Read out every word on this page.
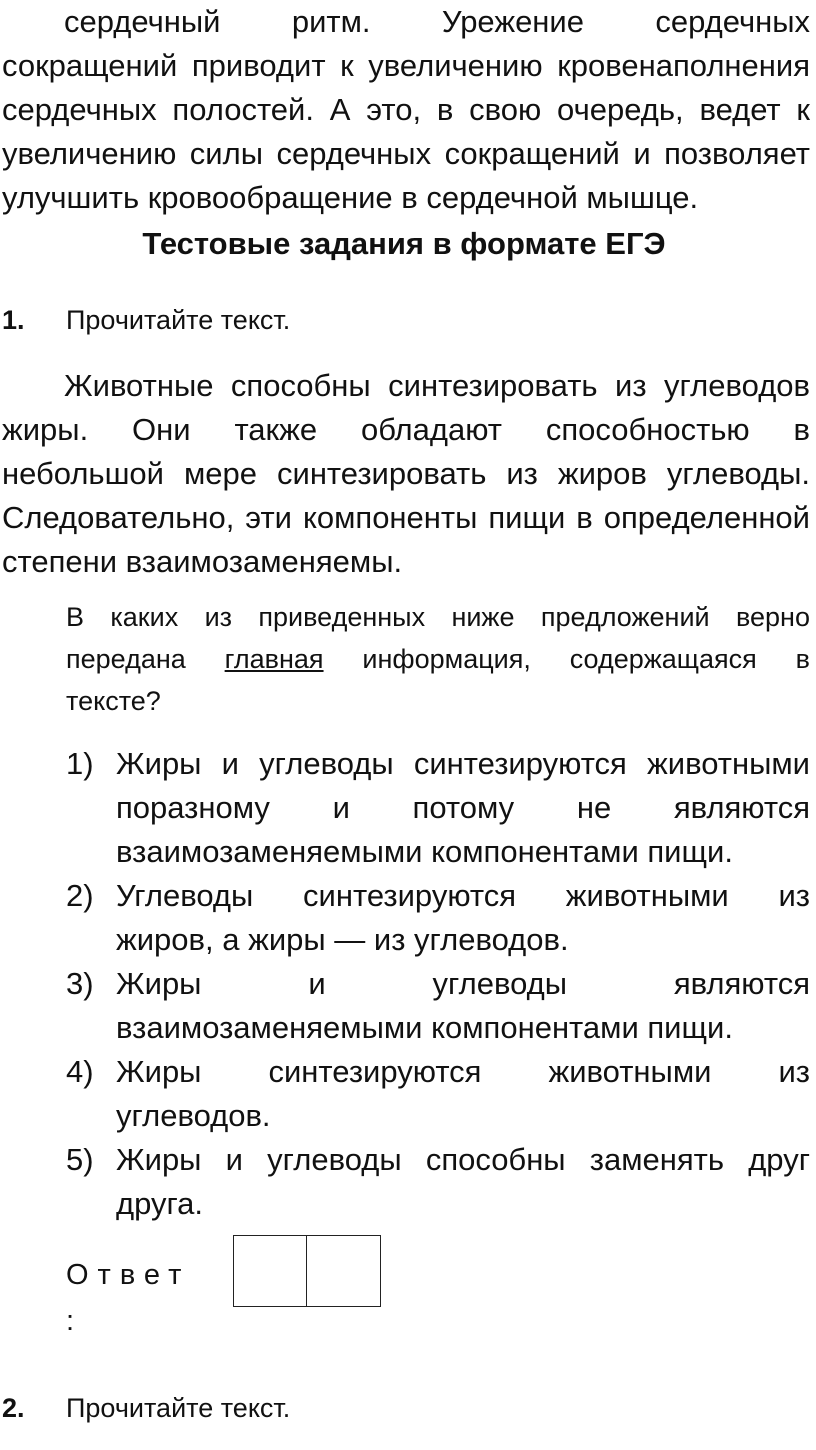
сердечный ритм. Урежение сердечных
сокращений приводит к увеличению кровенаполнения
сердечных полостей. А это, в свою очередь, ведет к
увеличению силы сердечных сокращений и позволяет
улучшить кровообращение в сердечной мышце.
Тестовые задания в формате ЕГЭ
1. Прочитайте текст.
Животные способны синтезировать из углеводов
жиры. Они также обладают способностью в
небольшой мере синтезировать из жиров углеводы.
Следовательно, эти компоненты пищи в определенной
степени взаимозаменяемы.
В каких из приведенных ниже предложений верно
передана главная информация, содержащаяся в
тексте?
1) Жиры и углеводы синтезируются животными
поразному и потому не являются
взаимозаменяемыми компонентами пищи.
2) Углеводы синтезируются животными из
жиров, а жиры — из углеводов.
3) Жиры и углеводы являются
взаимозаменяемыми компонентами пищи.
4) Жиры синтезируются животными из
углеводов.
5) Жиры и углеводы способны заменять друг
друга.
Ответ
:
2. Прочитайте текст.
